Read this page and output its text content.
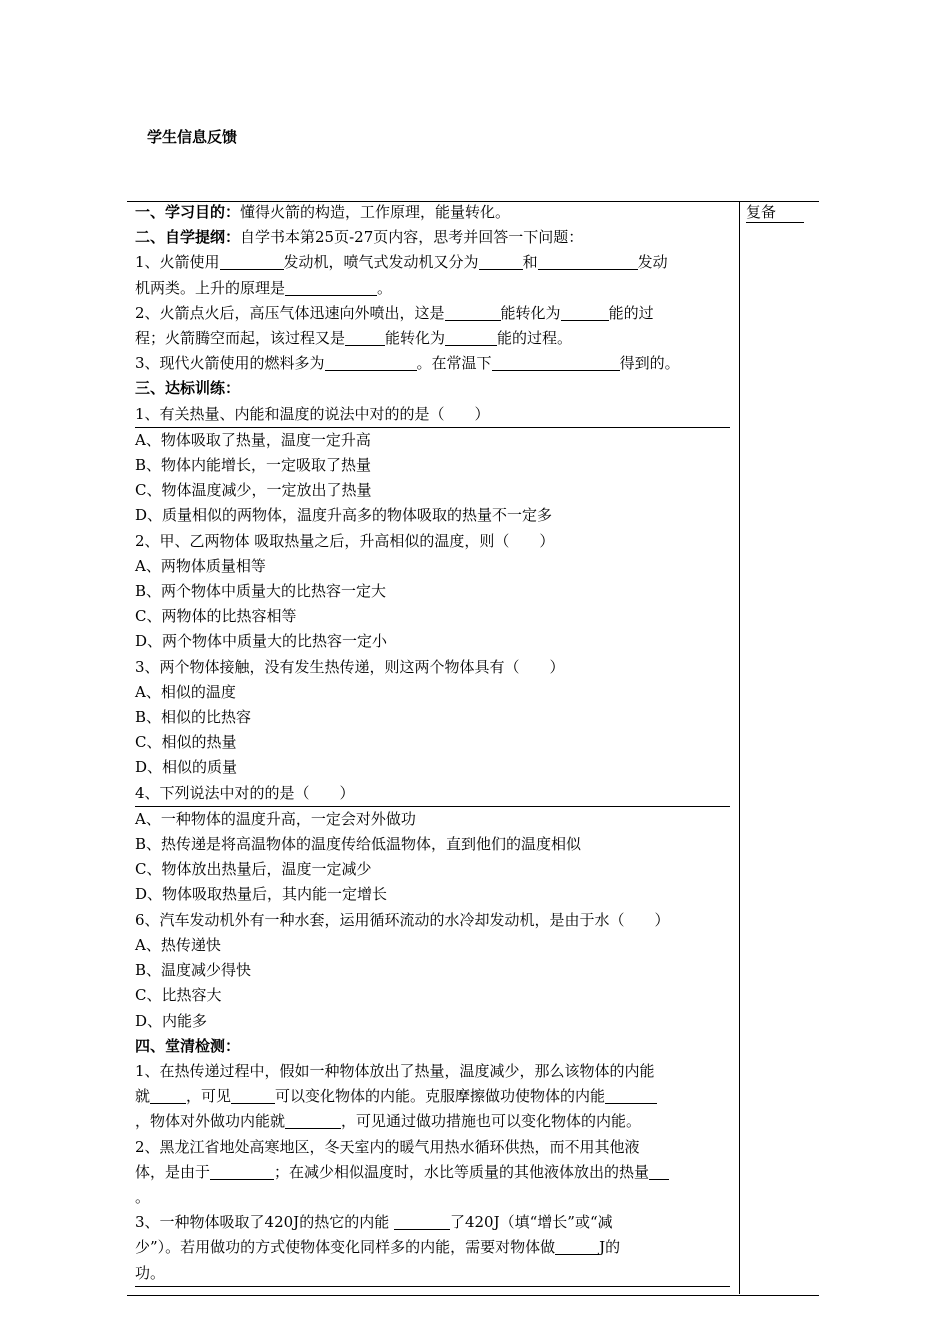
学生信息反馈
复备
一、学习目的：懂得火箭的构造，工作原理，能量转化。
二、自学提纲：自学书本第25页-27页内容，思考并回答一下问题：
1、火箭使用	发动机，喷气式发动机又分为	和	发动
机两类。上升的原理是	。
2、火箭点火后，高压气体迅速向外喷出，这是	能转化为	能的过
程；火箭腾空而起，该过程又是	能转化为	能的过程。
3、现代火箭使用的燃料多为	。在常温下	得到的。
三、达标训练：
1、有关热量、内能和温度的说法中对的的是（　　）
A、物体吸取了热量，温度一定升高
B、物体内能增长，一定吸取了热量
C、物体温度减少，一定放出了热量
D、质量相似的两物体，温度升高多的物体吸取的热量不一定多
2、甲、乙两物体 吸取热量之后，升高相似的温度，则（　　）
A、两物体质量相等
B、两个物体中质量大的比热容一定大
C、两物体的比热容相等
D、两个物体中质量大的比热容一定小
3、两个物体接触，没有发生热传递，则这两个物体具有（　　）
A、相似的温度
B、相似的比热容
C、相似的热量
D、相似的质量
4、下列说法中对的的是（　　）
A、一种物体的温度升高，一定会对外做功
B、热传递是将高温物体的温度传给低温物体，直到他们的温度相似
C、物体放出热量后，温度一定减少
D、物体吸取热量后，其内能一定增长
6、汽车发动机外有一种水套，运用循环流动的水冷却发动机，是由于水（　　）
A、热传递快
B、温度减少得快
C、比热容大
D、内能多
四、堂清检测：
1、在热传递过程中，假如一种物体放出了热量，温度减少，那么该物体的内能
就 ，可见	可以变化物体的内能。克服摩擦做功使物体的内能
，物体对外做功内能就	，可见通过做功措施也可以变化物体的内能。
2、黑龙江省地处高寒地区，冬天室内的暖气用热水循环供热，而不用其他液
体，是由于	；在减少相似温度时，水比等质量的其他液体放出的热量
。
3、一种物体吸取了420J的热它的内能	了420J（填“增长”或“减
少”）。若用做功的方式使物体变化同样多的内能，需要对物体做	J的
功。
